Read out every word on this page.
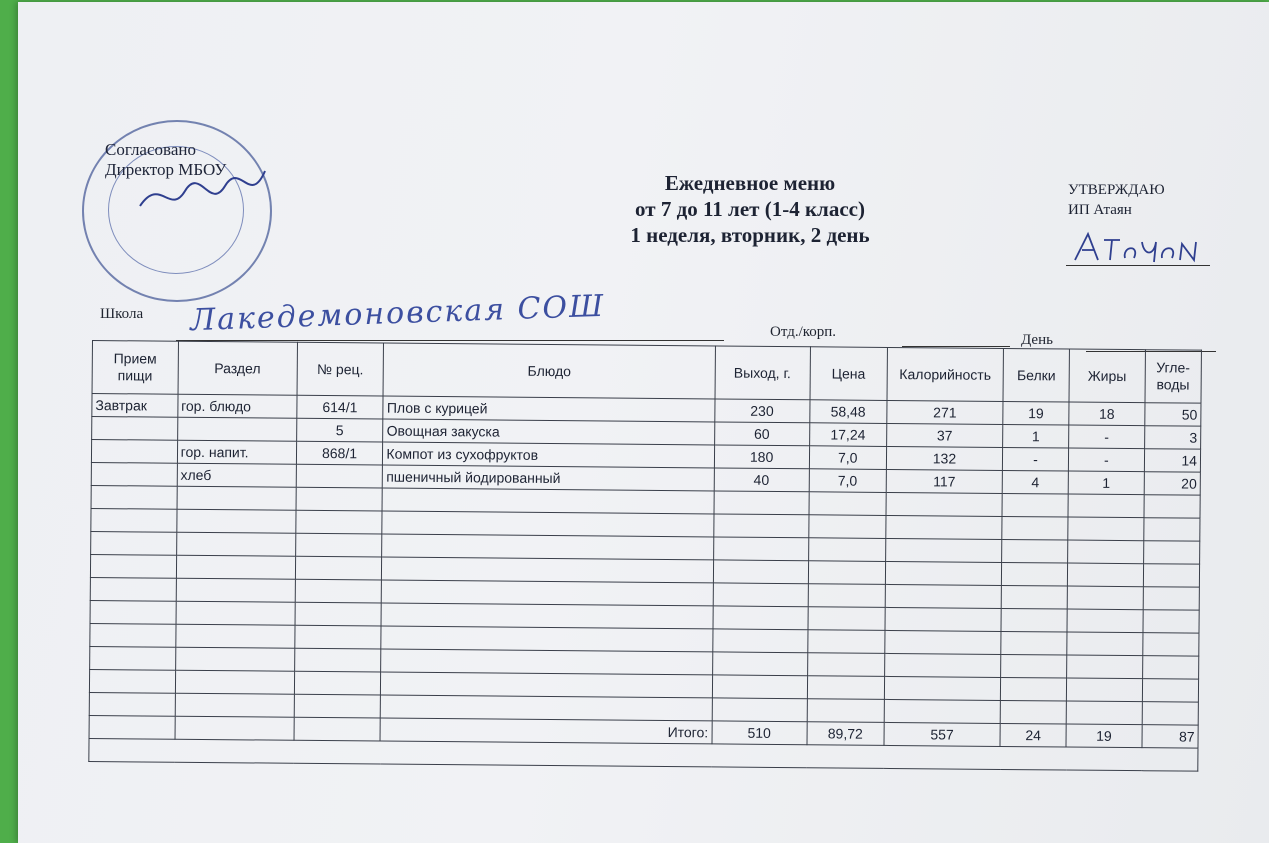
Согласовано
Директор МБОУ
Ежедневное меню
от 7 до 11 лет (1-4 класс)
1 неделя, вторник, 2 день
УТВЕРЖДАЮ
ИП Атаян
Школа Лакедемоновская СОШ	Отд./корп.	День
Прием пищи	Раздел	№ рец.	Блюдо	Выход, г.	Цена	Калорийность	Белки	Жиры	Угле-воды
Завтрак	гор. блюдо	614/1	Плов с курицей	230	58,48	271	19	18	50
		5	Овощная закуска	60	17,24	37	1	-	3
	гор. напит.	868/1	Компот из сухофруктов	180	7,0	132	-	-	14
	хлеб		пшеничный йодированный	40	7,0	117	4	1	20

			Итого:	510	89,72	557	24	19	87
